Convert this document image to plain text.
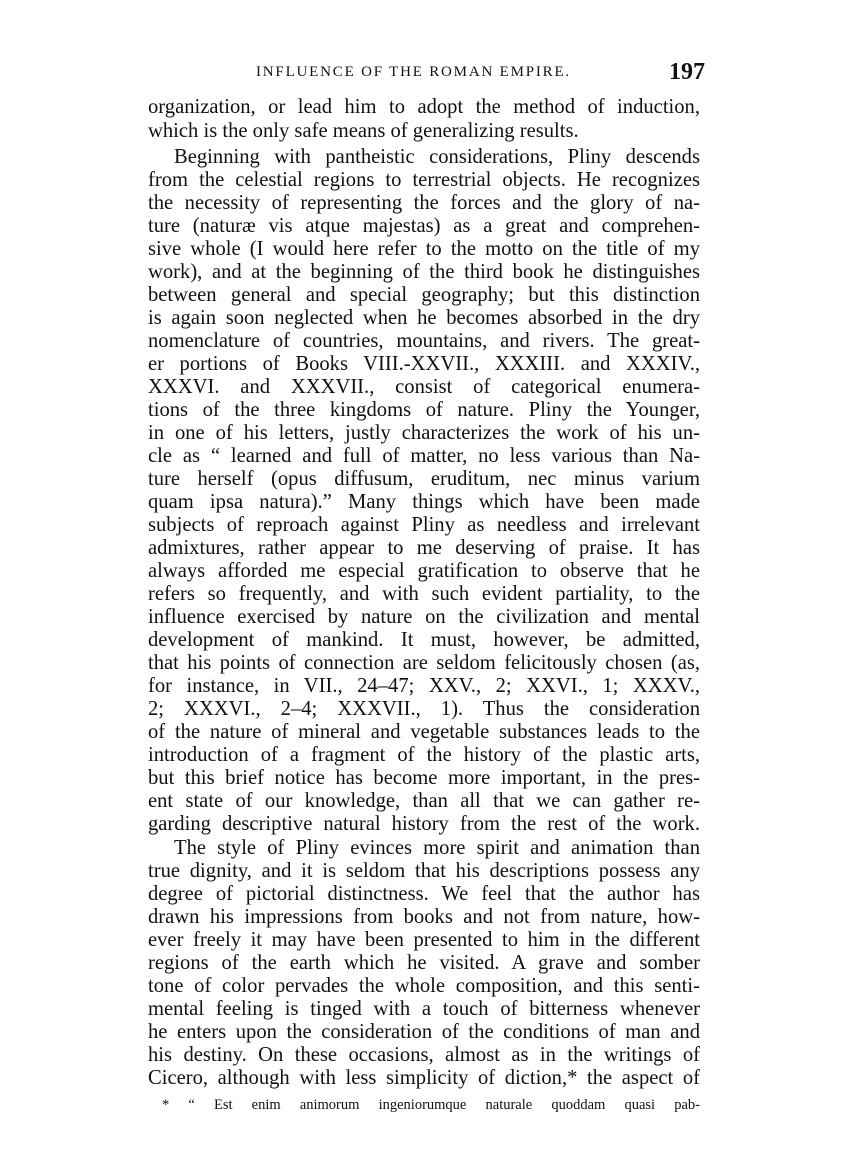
INFLUENCE OF THE ROMAN EMPIRE.	197
organization, or lead him to adopt the method of induction,
which is the only safe means of generalizing results.
Beginning with pantheistic considerations, Pliny descends
from the celestial regions to terrestrial objects. He recognizes
the necessity of representing the forces and the glory of na-
ture (naturæ vis atque majestas) as a great and comprehen-
sive whole (I would here refer to the motto on the title of my
work), and at the beginning of the third book he distinguishes
between general and special geography; but this distinction
is again soon neglected when he becomes absorbed in the dry
nomenclature of countries, mountains, and rivers. The great-
er portions of Books VIII.-XXVII., XXXIII. and XXXIV.,
XXXVI. and XXXVII., consist of categorical enumera-
tions of the three kingdoms of nature. Pliny the Younger,
in one of his letters, justly characterizes the work of his un-
cle as “ learned and full of matter, no less various than Na-
ture herself (opus diffusum, eruditum, nec minus varium
quam ipsa natura).” Many things which have been made
subjects of reproach against Pliny as needless and irrelevant
admixtures, rather appear to me deserving of praise. It has
always afforded me especial gratification to observe that he
refers so frequently, and with such evident partiality, to the
influence exercised by nature on the civilization and mental
development of mankind. It must, however, be admitted,
that his points of connection are seldom felicitously chosen (as,
for instance, in VII., 24–47; XXV., 2; XXVI., 1; XXXV.,
2; XXXVI., 2–4; XXXVII., 1). Thus the consideration
of the nature of mineral and vegetable substances leads to the
introduction of a fragment of the history of the plastic arts,
but this brief notice has become more important, in the pres-
ent state of our knowledge, than all that we can gather re-
garding descriptive natural history from the rest of the work.
The style of Pliny evinces more spirit and animation than
true dignity, and it is seldom that his descriptions possess any
degree of pictorial distinctness. We feel that the author has
drawn his impressions from books and not from nature, how-
ever freely it may have been presented to him in the different
regions of the earth which he visited. A grave and somber
tone of color pervades the whole composition, and this senti-
mental feeling is tinged with a touch of bitterness whenever
he enters upon the consideration of the conditions of man and
his destiny. On these occasions, almost as in the writings of
Cicero, although with less simplicity of diction,* the aspect of
* “ Est enim animorum ingeniorumque naturale quoddam quasi pab-
